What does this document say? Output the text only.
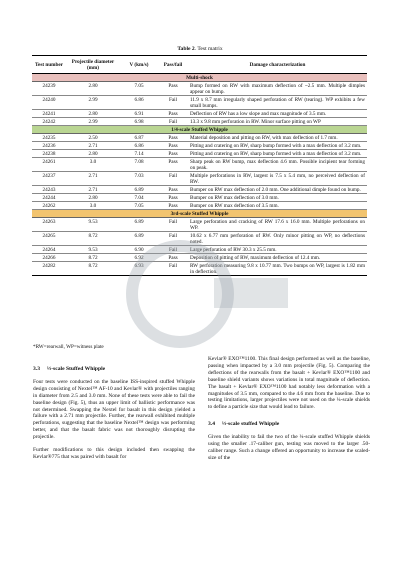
Table 2. Test matrix
Test number	Projectile diameter (mm)	V (km/s)	Pass/fail	Damage characterization
Multi-shock				
24239	2.80	7.05	Pass	Bump formed on RW with maximum deflection of ~2.5 mm. Multiple dimples appear on bump.
24240	2.99	6.86	Fail	11.9 x 8.7 mm irregularly shaped perforation of RW (tearing). WP exhibits a few small bumps.
24241	2.80	6.91	Pass	Deflection of RW has a low slope and max magnitude of 3.5 mm.
24242	2.99	6.98	Fail	13.3 x 9.8 mm perforation in RW. Minor surface pitting on WP
1/4-scale Stuffed Whipple				
24235	2.50	6.87	Pass	Material deposition and pitting on RW, with max deflection of 1.7 mm.
24236	2.71	6.86	Pass	Pitting and cratering on RW, sharp bump formed with a max deflection of 3.2 mm.
24238	2.80	7.14	Pass	Pitting and cratering on RW, sharp bump formed with a max deflection of 3.2 mm.
24261	3.0	7.08	Pass	Sharp peak on RW bump, max deflection 4.6 mm. Possible incipient tear forming on peak.
24237	2.71	7.03	Fail	Multiple perforations in RW, largest is 7.5 x 5.4 mm, no perceived deflection of RW.
24243	2.71	6.89	Pass	Bumper on RW max deflection of 2.0 mm. One additional dimple found on bump.
24244	2.80	7.04	Pass	Bumper on RW max deflection of 3.0 mm.
24262	3.0	7.05	Pass	Bumper on RW max deflection of 3.5 mm.
3rd-scale Stuffed Whipple				
24263	9.53	6.89	Fail	Large perforation and cracking of RW 17.6 x 16.0 mm. Multiple perforations on WP.
24265	8.72	6.89	Fail	10.62 x 6.77 mm perforation of RW. Only minor pitting on WP, no deflections noted.
24264	9.53	6.90	Fail	Large perforation of RW 30.3 x 25.5 mm.
24266	8.72	6.92	Pass	Deposition of pitting of RW, maximum deflection of 12.4 mm.
24282	8.72	6.93	Fail	RW perforation measuring 9.8 x 10.77 mm. Two bumps on WP, largest is 1.82 mm in deflection.
*RW=rearwall, WP=witness plate
3.3 ⅓-scale Stuffed Whipple

Four tests were conducted on the baseline ISS-inspired stuffed Whipple design consisting of Nextel™ AF-10 and Kevlar® with projectiles ranging in diameter from 2.5 and 3.0 mm. None of these tests were able to fail the baseline design (Fig. 5), thus an upper limit of ballistic performance was not determined. Swapping the Nextel for basalt in this design yielded a failure with a 2.71 mm projectile. Further, the rearwall exhibited multiple perforations, suggesting that the baseline Nextel™ design was performing better, and that the basalt fabric was not thoroughly disrupting the projectile.

Further modifications to this design included then swapping the Kevlar®775 that was paired with basalt for

Kevlar® EXO™1100. This final design performed as well as the baseline, passing when impacted by a 3.0 mm projectile (Fig. 5). Comparing the deflections of the rearwalls from the basalt + Kevlar® EXO™1100 and baseline shield variants shows variations in total magnitude of deflection. The basalt + Kevlar® EXO™1100 had notably less deformation with a magnitudes of 3.5 mm, compared to the 4.6 mm from the baseline. Due to testing limitations, larger projectiles were not used on the ¼-scale shields to define a particle size that would lead to failure.

3.4 ⅓-scale stuffed Whipple

Given the inability to fail the two of the ¼-scale stuffed Whipple shields using the smaller .17-caliber gun, testing was moved to the larger .50-caliber range. Such a change offered an opportunity to increase the scaled-size of the
